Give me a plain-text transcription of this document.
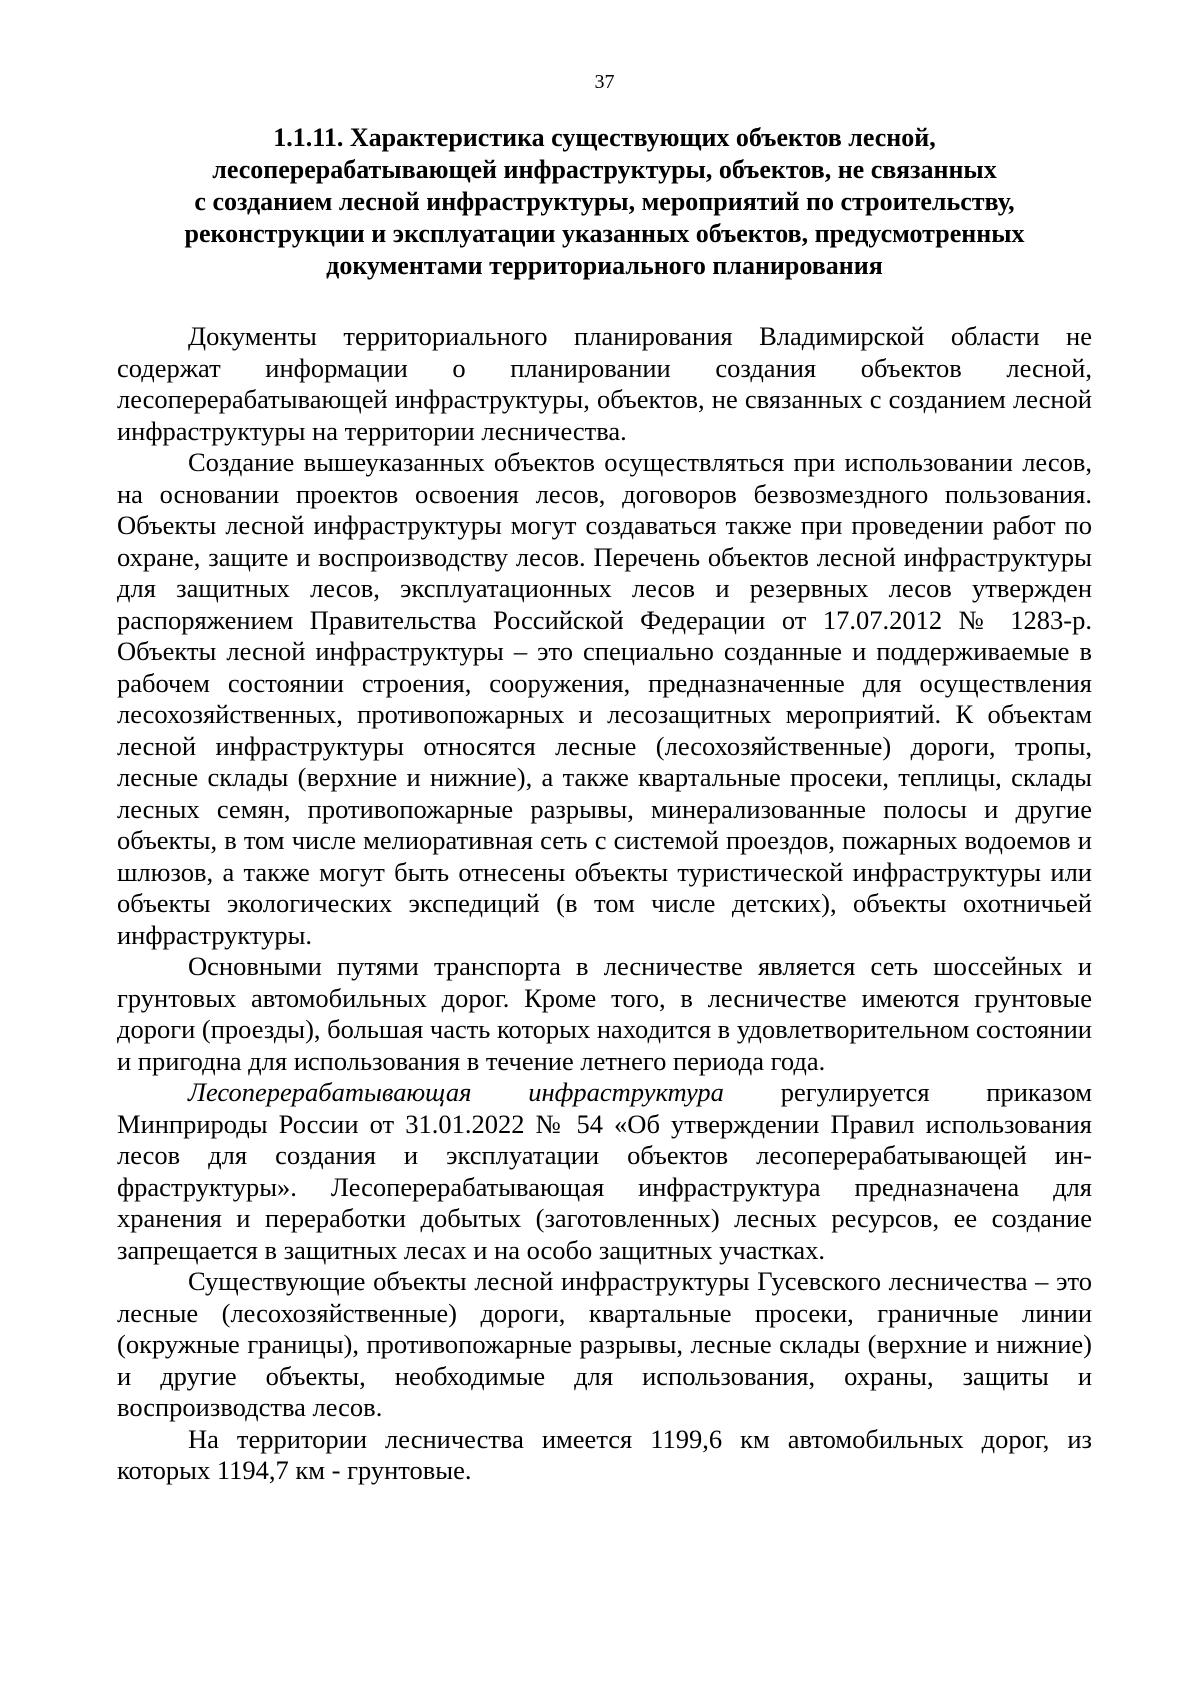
37
1.1.11. Характеристика существующих объектов лесной,
лесоперерабатывающей инфраструктуры, объектов, не связанных
с созданием лесной инфраструктуры, мероприятий по строительству,
реконструкции и эксплуатации указанных объектов, предусмотренных
документами территориального планирования

Документы территориального планирования Владимирской области не содержат информации о планировании создания объектов лесной, лесоперерабатывающей инфраструктуры, объектов, не связанных с созданием лесной инфраструктуры на территории лесничества.

Создание вышеуказанных объектов осуществляться при использовании лесов, на основании проектов освоения лесов, договоров безвозмездного пользования. Объекты лесной инфраструктуры могут создаваться также при проведении работ по охране, защите и воспроизводству лесов. Перечень объектов лесной инфраструктуры для защитных лесов, эксплуатационных лесов и резервных лесов утвержден распоряжением Правительства Российской Федерации от 17.07.2012 № 1283-р. Объекты лесной инфраструктуры – это специально созданные и поддерживаемые в рабочем состоянии строения, сооружения, предназначенные для осуществления лесохозяйственных, противопожарных и лесозащитных мероприятий. К объектам лесной инфраструктуры относятся лесные (лесохозяйственные) дороги, тропы, лесные склады (верхние и нижние), а также квартальные просеки, теплицы, склады лесных семян, противопожарные разрывы, минерализованные полосы и другие объекты, в том числе мелиоративная сеть с системой проездов, пожарных водоемов и шлюзов, а также могут быть отнесены объекты туристической инфраструктуры или объекты экологических экспедиций (в том числе детских), объекты охотничьей инфраструктуры.

Основными путями транспорта в лесничестве является сеть шоссейных и грунтовых автомобильных дорог. Кроме того, в лесничестве имеются грунтовые дороги (проезды), большая часть которых находится в удовлетворительном состоянии и пригодна для использования в течение летнего периода года.

Лесоперерабатывающая инфраструктура регулируется приказом Минприроды России от 31.01.2022 № 54 «Об утверждении Правил использования лесов для создания и эксплуатации объектов лесоперерабатывающей инфраструктуры». Лесоперерабатывающая инфраструктура предназначена для хранения и переработки добытых (заготовленных) лесных ресурсов, ее создание запрещается в защитных лесах и на особо защитных участках.

Существующие объекты лесной инфраструктуры Гусевского лесничества – это лесные (лесохозяйственные) дороги, квартальные просеки, граничные линии (окружные границы), противопожарные разрывы, лесные склады (верхние и нижние) и другие объекты, необходимые для использования, охраны, защиты и воспроизводства лесов.

На территории лесничества имеется 1199,6 км автомобильных дорог, из которых 1194,7 км - грунтовые.
